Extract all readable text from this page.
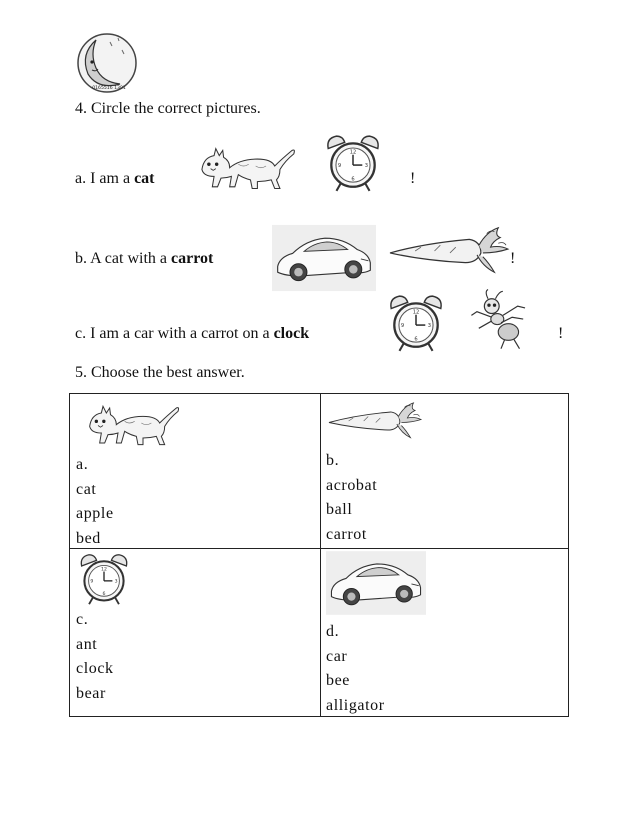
0165516 1391
4. Circle the correct pictures.
a. I am a cat	!
b. A cat with a carrot	!
c. I am a car with a carrot on a clock	!
5. Choose the best answer.
a.
cat
apple
bed
b.
acrobat
ball
carrot
c.
ant
clock
bear
d.
car
bee
alligator
